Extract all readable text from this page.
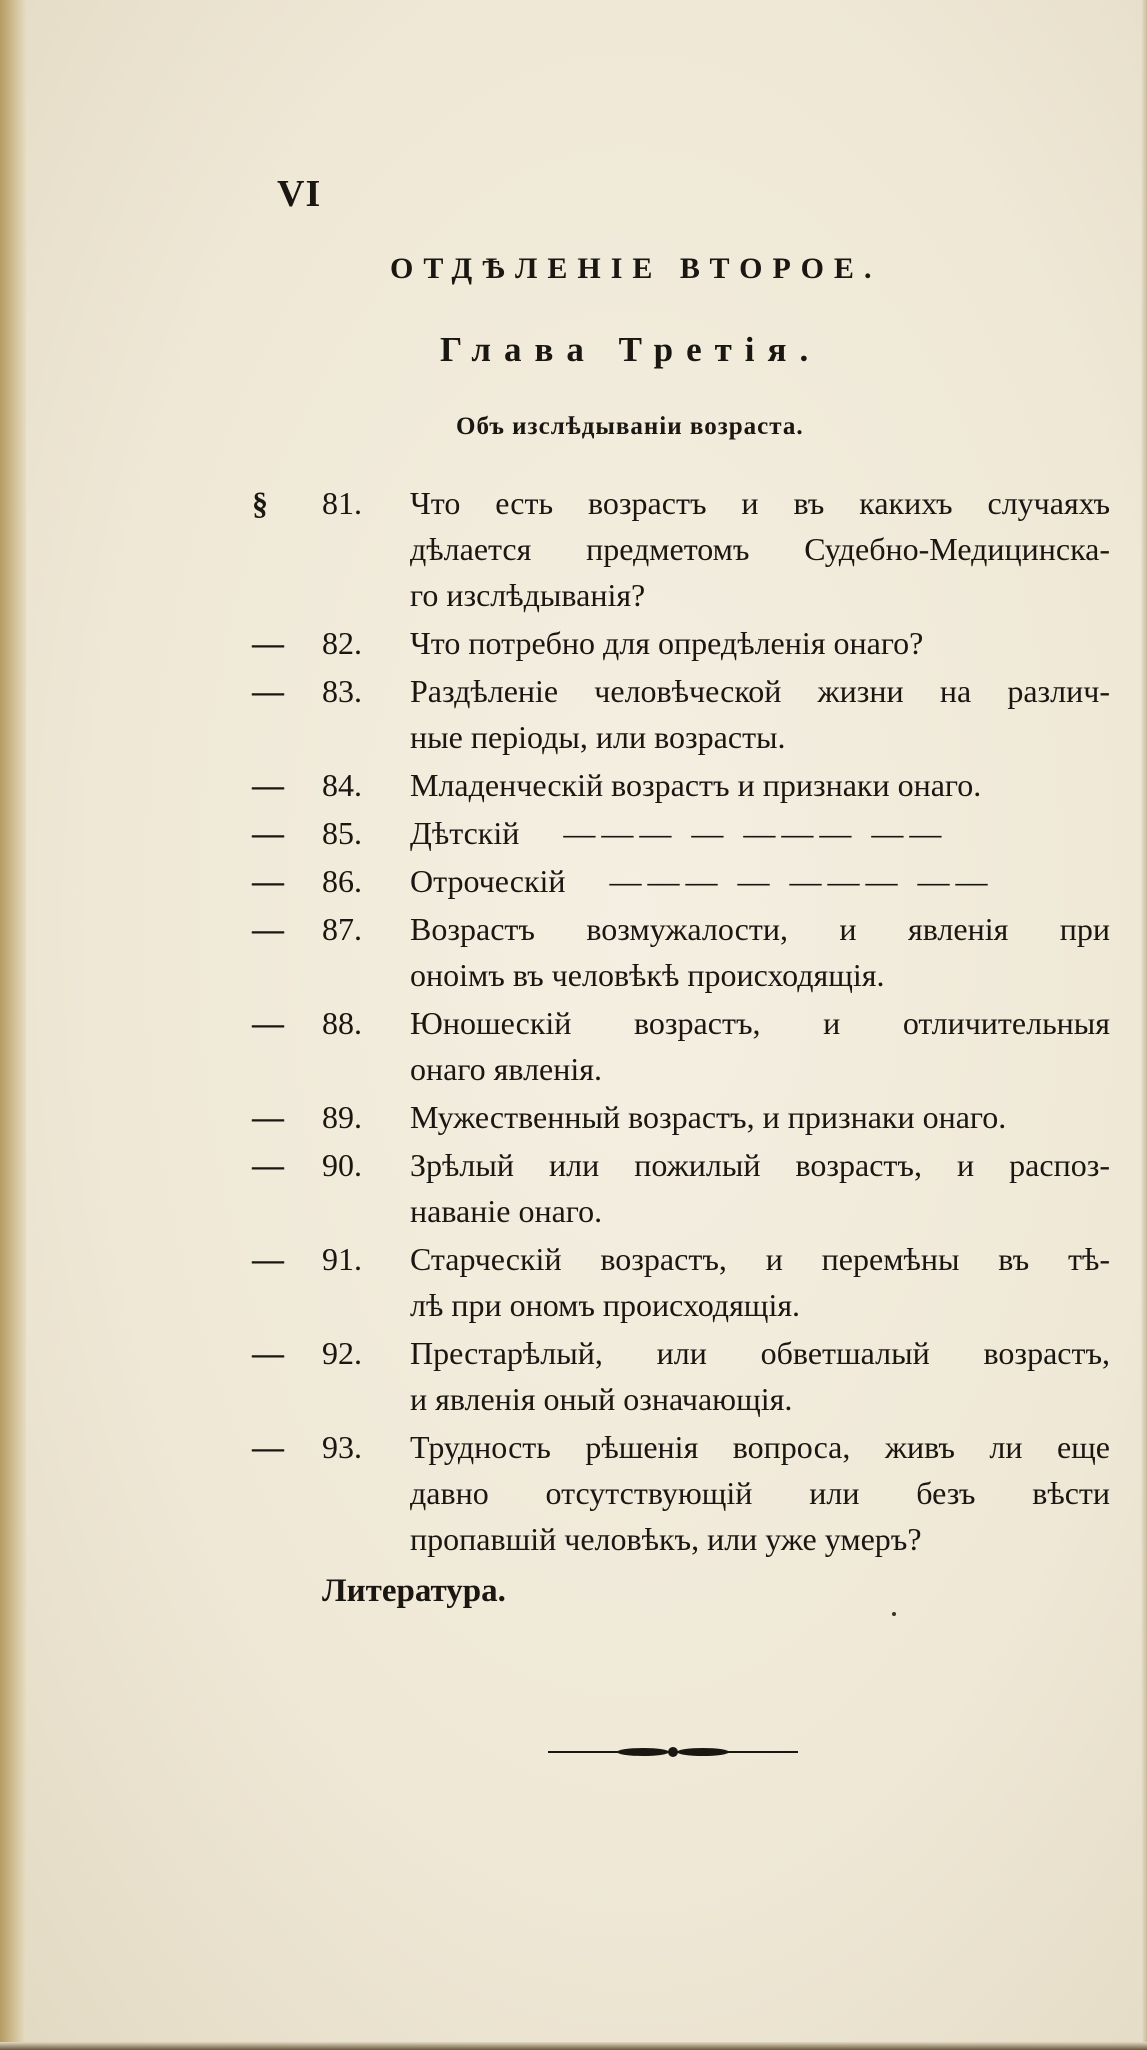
VI
ОТДѢЛЕНІЕ ВТОРОЕ.
Глава Третія.
Объ изслѣдываніи возраста.
§ 81.	Что есть возрастъ и въ какихъ случаяхъ
дѣлается предметомъ Судебно-Медицинска-
го изслѣдыванія?
— 82.	Что потребно для опредѣленія онаго?
— 83.	Раздѣленіе человѣческой жизни на различ-
ные періоды, или возрасты.
— 84.	Младенческій возрастъ и признаки онаго.
— 85.	Дѣтскій ——— — ——— ——
— 86.	Отроческій ——— — ——— ——
— 87.	Возрастъ возмужалости, и явленія при
оноімъ въ человѣкѣ происходящія.
— 88.	Юношескій возрастъ, и отличительныя
онаго явленія.
— 89.	Мужественный возрастъ, и признаки онаго.
— 90.	Зрѣлый или пожилый возрастъ, и распоз-
наваніе онаго.
— 91.	Старческій возрастъ, и перемѣны въ тѣ-
лѣ при ономъ происходящія.
— 92.	Престарѣлый, или обветшалый возрастъ,
и явленія оный означающія.
— 93.	Трудность рѣшенія вопроса, живъ ли еще
давно отсутствующій или безъ вѣсти
пропавшій человѣкъ, или уже умеръ?
Литература.
